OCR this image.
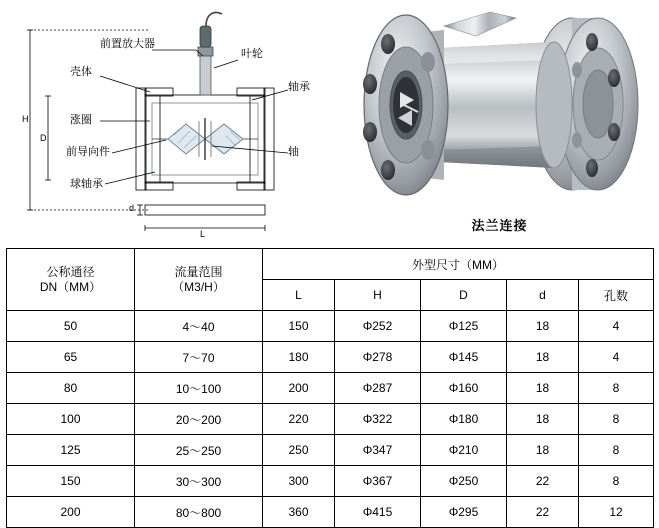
前置放大器
叶轮
壳体
轴承
涨圈
前导向件	轴
球轴承
H
D
d
L
法兰连接
公称通径
DN（MM）

流量范围
（M3/H）
	外型尺寸（MM）
		L	H	D	d	孔数
50	4～40	150	Φ252	Φ125	18	4
65	7～70	180	Φ278	Φ145	18	4
80	10～100	200	Φ287	Φ160	18	8
100	20～200	220	Φ322	Φ180	18	8
125	25～250	250	Φ347	Φ210	18	8
150	30～300	300	Φ367	Φ250	22	8
200	80～800	360	Φ415	Φ295	22	12
